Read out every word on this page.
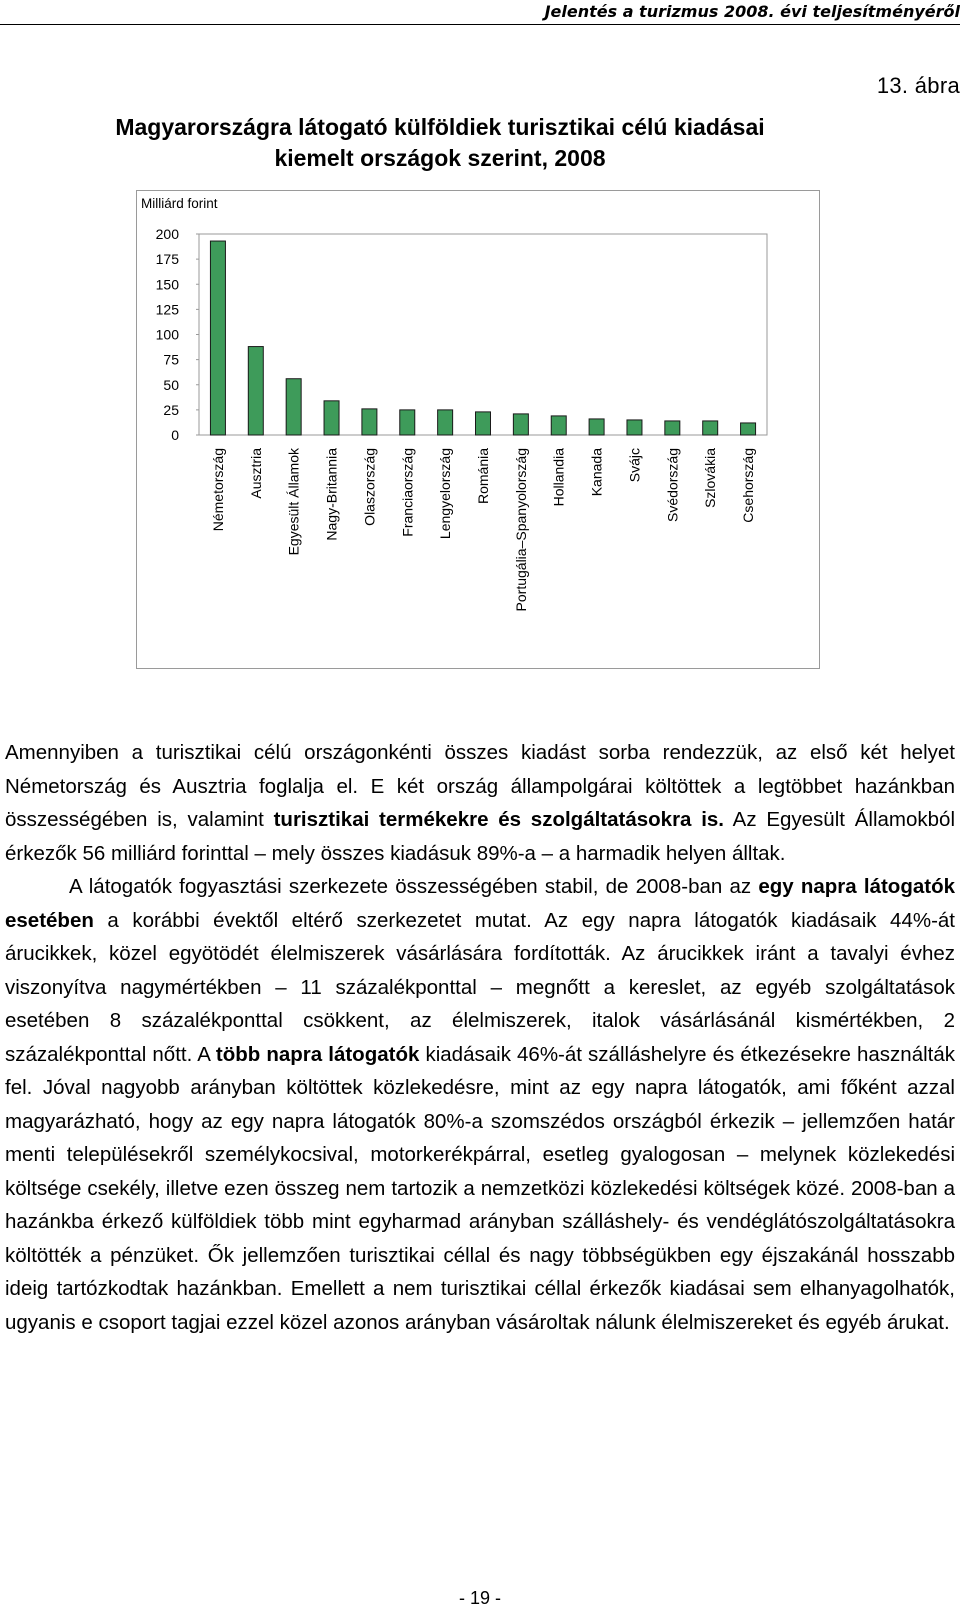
Jelentés a turizmus 2008. évi teljesítményéről
13. ábra
Magyarországra látogató külföldiek turisztikai célú kiadásai
kiemelt országok szerint, 2008
Milliárd forint
200
175
150
125
100
75
50
25
0
Németország Ausztria Egyesült Államok Nagy-Britannia Olaszország Franciaország Lengyelország Románia Portugália–Spanyolország Hollandia Kanada Svájc Svédország Szlovákia Csehország

Amennyiben a turisztikai célú országonkénti összes kiadást sorba rendezzük, az első két helyet Németország és Ausztria foglalja el. E két ország állampolgárai költöttek a legtöbbet hazánkban összességében is, valamint turisztikai termékekre és szolgáltatásokra is. Az Egyesült Államokból érkezők 56 milliárd forinttal – mely összes kiadásuk 89%-a – a harmadik helyen álltak.

A látogatók fogyasztási szerkezete összességében stabil, de 2008-ban az egy napra látogatók esetében a korábbi évektől eltérő szerkezetet mutat. Az egy napra látogatók kiadásaik 44%-át árucikkek, közel egyötödét élelmiszerek vásárlására fordították. Az árucikkek iránt a tavalyi évhez viszonyítva nagymértékben – 11 százalékponttal – megnőtt a kereslet, az egyéb szolgáltatások esetében 8 százalékponttal csökkent, az élelmiszerek, italok vásárlásánál kismértékben, 2 százalékponttal nőtt. A több napra látogatók kiadásaik 46%-át szálláshelyre és étkezésekre használták fel. Jóval nagyobb arányban költöttek közlekedésre, mint az egy napra látogatók, ami főként azzal magyarázható, hogy az egy napra látogatók 80%-a szomszédos országból érkezik – jellemzően határ menti településekről személykocsival, motorkerékpárral, esetleg gyalogosan – melynek közlekedési költsége csekély, illetve ezen összeg nem tartozik a nemzetközi közlekedési költségek közé. 2008-ban a hazánkba érkező külföldiek több mint egyharmad arányban szálláshely- és vendéglátószolgáltatásokra költötték a pénzüket. Ők jellemzően turisztikai céllal és nagy többségükben egy éjszakánál hosszabb ideig tartózkodtak hazánkban. Emellett a nem turisztikai céllal érkezők kiadásai sem elhanyagolhatók, ugyanis e csoport tagjai ezzel közel azonos arányban vásároltak nálunk élelmiszereket és egyéb árukat.

- 19 -
